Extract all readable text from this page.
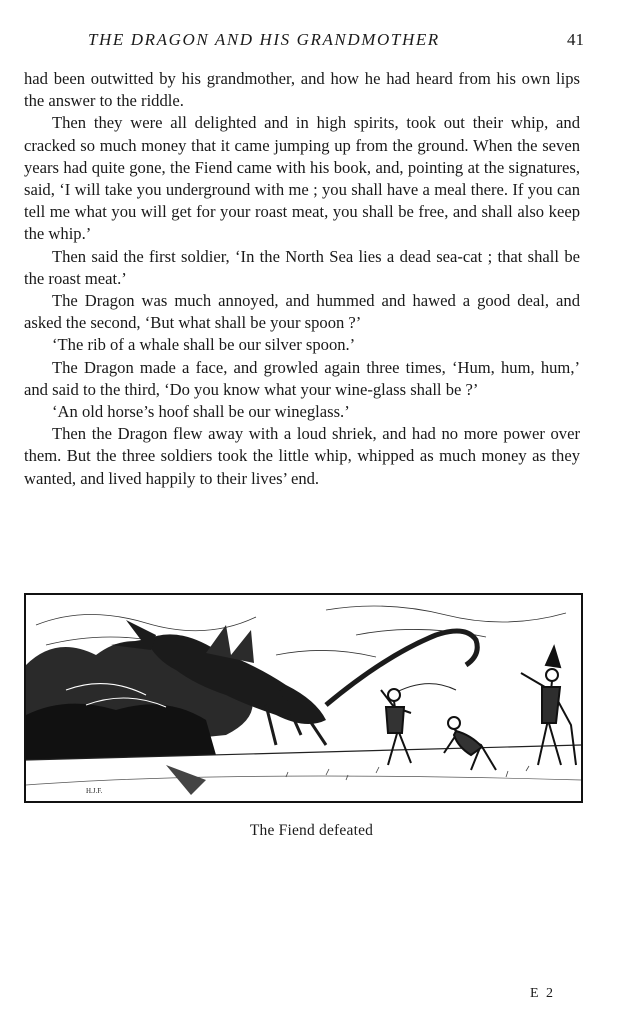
THE DRAGON AND HIS GRANDMOTHER	41

had been outwitted by his grandmother, and how he had heard from his own lips the answer to the riddle.

Then they were all delighted and in high spirits, took out their whip, and cracked so much money that it came jumping up from the ground. When the seven years had quite gone, the Fiend came with his book, and, pointing at the signatures, said, ‘I will take you underground with me ; you shall have a meal there. If you can tell me what you will get for your roast meat, you shall be free, and shall also keep the whip.’

Then said the first soldier, ‘In the North Sea lies a dead sea-cat ; that shall be the roast meat.’

The Dragon was much annoyed, and hummed and hawed a good deal, and asked the second, ‘But what shall be your spoon ?’

‘The rib of a whale shall be our silver spoon.’

The Dragon made a face, and growled again three times, ‘Hum, hum, hum,’ and said to the third, ‘Do you know what your wine-glass shall be ?’

‘An old horse’s hoof shall be our wineglass.’

Then the Dragon flew away with a loud shriek, and had no more power over them. But the three soldiers took the little whip, whipped as much money as they wanted, and lived happily to their lives’ end.

H.J.F.
The Fiend defeated
E 2
